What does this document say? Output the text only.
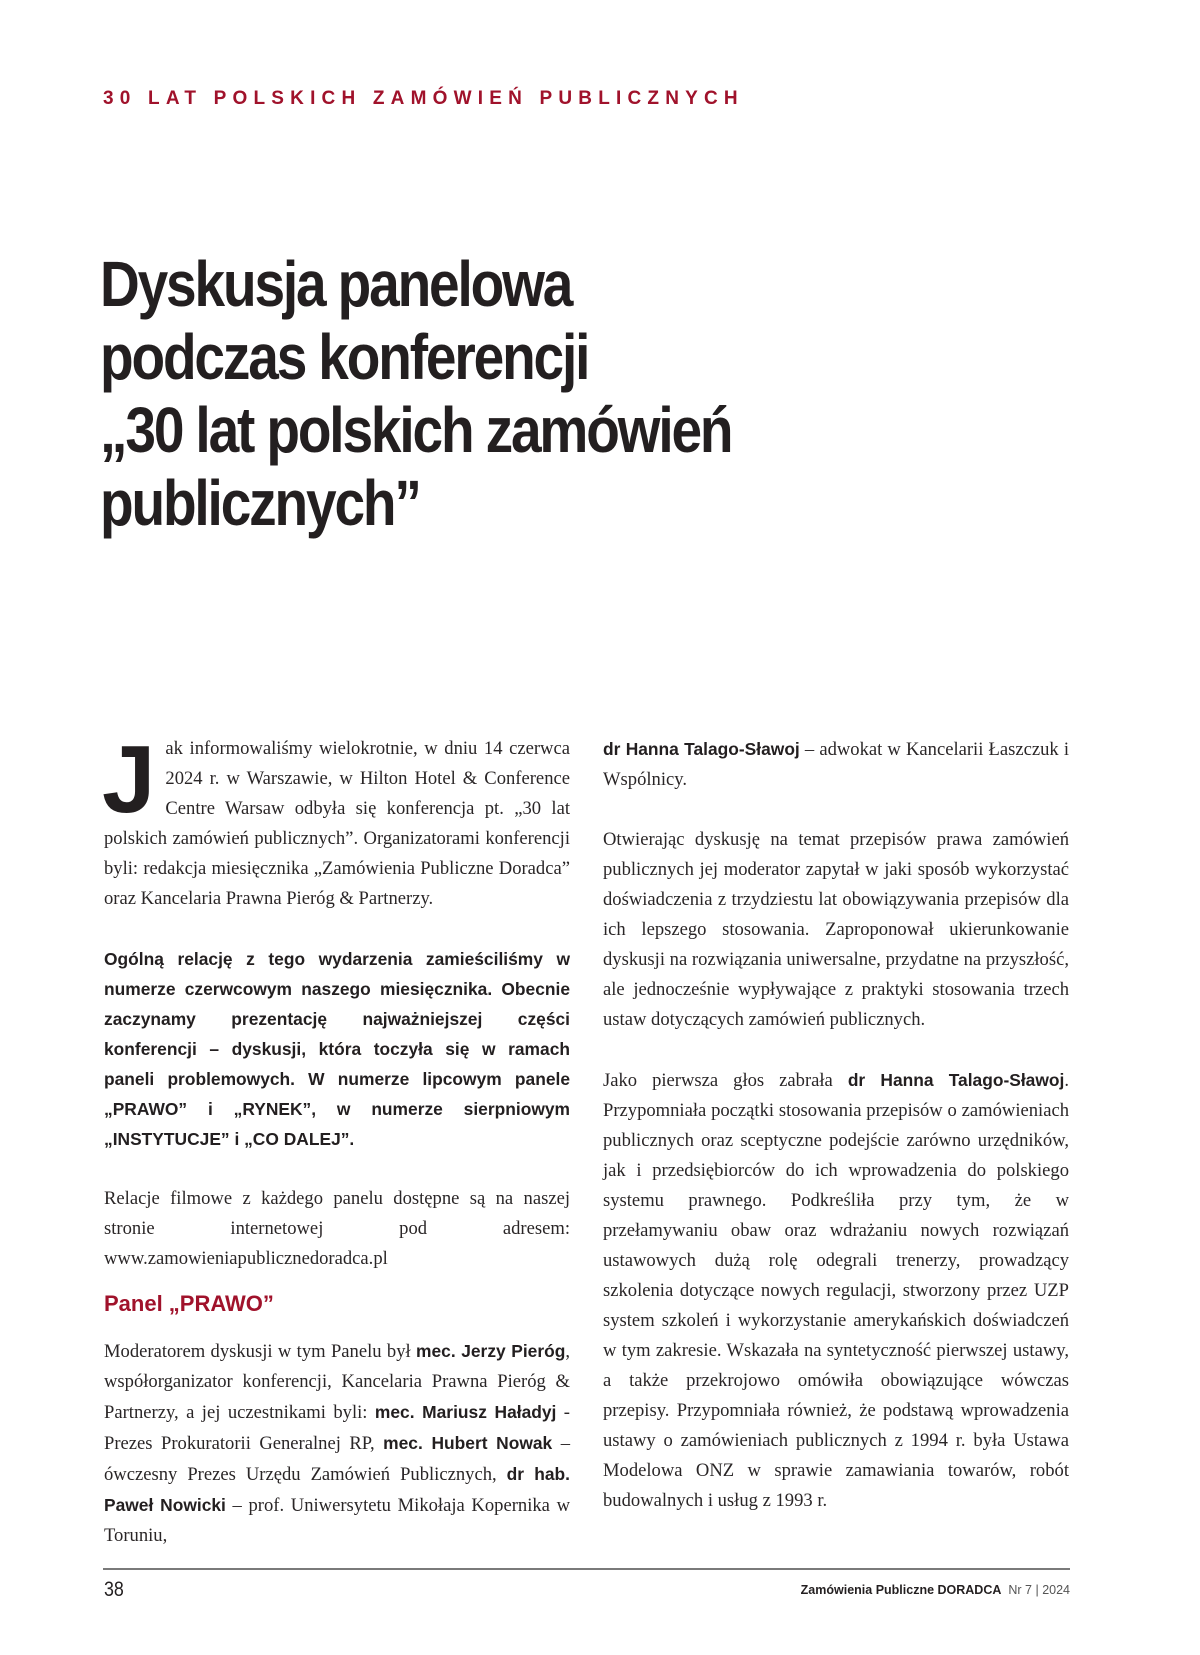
30 LAT POLSKICH ZAMÓWIEŃ PUBLICZNYCH
Dyskusja panelowa
podczas konferencji
„30 lat polskich zamówień
publicznych”

Jak informowaliśmy wielokrotnie, w dniu 14 czerwca 2024 r. w Warszawie, w Hilton Hotel & Conference Centre Warsaw odbyła się konferencja pt. „30 lat polskich zamówień publicznych”. Organizatorami konferencji byli: redakcja miesięcznika „Zamówienia Publiczne Doradca” oraz Kancelaria Prawna Pieróg & Partnerzy.

Ogólną relację z tego wydarzenia zamieściliśmy w numerze czerwcowym naszego miesięcznika. Obecnie zaczynamy prezentację najważniejszej części konferencji – dyskusji, która toczyła się w ramach paneli problemowych. W numerze lipcowym panele „PRAWO” i „RYNEK”, w numerze sierpniowym „INSTYTUCJE” i „CO DALEJ”.

Relacje filmowe z każdego panelu dostępne są na naszej stronie internetowej pod adresem: www.zamowieniapublicznedoradca.pl

Panel „PRAWO”

Moderatorem dyskusji w tym Panelu był mec. Jerzy Pieróg, współorganizator konferencji, Kancelaria Prawna Pieróg & Partnerzy, a jej uczestnikami byli: mec. Mariusz Haładyj - Prezes Prokuratorii Generalnej RP, mec. Hubert Nowak – ówczesny Prezes Urzędu Zamówień Publicznych, dr hab. Paweł Nowicki – prof. Uniwersytetu Mikołaja Kopernika w Toruniu,

dr Hanna Talago-Sławoj – adwokat w Kancelarii Łaszczuk i Wspólnicy.

Otwierając dyskusję na temat przepisów prawa zamówień publicznych jej moderator zapytał w jaki sposób wykorzystać doświadczenia z trzydziestu lat obowiązywania przepisów dla ich lepszego stosowania. Zaproponował ukierunkowanie dyskusji na rozwiązania uniwersalne, przydatne na przyszłość, ale jednocześnie wypływające z praktyki stosowania trzech ustaw dotyczących zamówień publicznych.

Jako pierwsza głos zabrała dr Hanna Talago-Sławoj. Przypomniała początki stosowania przepisów o zamówieniach publicznych oraz sceptyczne podejście zarówno urzędników, jak i przedsiębiorców do ich wprowadzenia do polskiego systemu prawnego. Podkreśliła przy tym, że w przełamywaniu obaw oraz wdrażaniu nowych rozwiązań ustawowych dużą rolę odegrali trenerzy, prowadzący szkolenia dotyczące nowych regulacji, stworzony przez UZP system szkoleń i wykorzystanie amerykańskich doświadczeń w tym zakresie. Wskazała na syntetyczność pierwszej ustawy, a także przekrojowo omówiła obowiązujące wówczas przepisy. Przypomniała również, że podstawą wprowadzenia ustawy o zamówieniach publicznych z 1994 r. była Ustawa Modelowa ONZ w sprawie zamawiania towarów, robót budowalnych i usług z 1993 r.

38	Zamówienia Publiczne DORADCA Nr 7 | 2024
